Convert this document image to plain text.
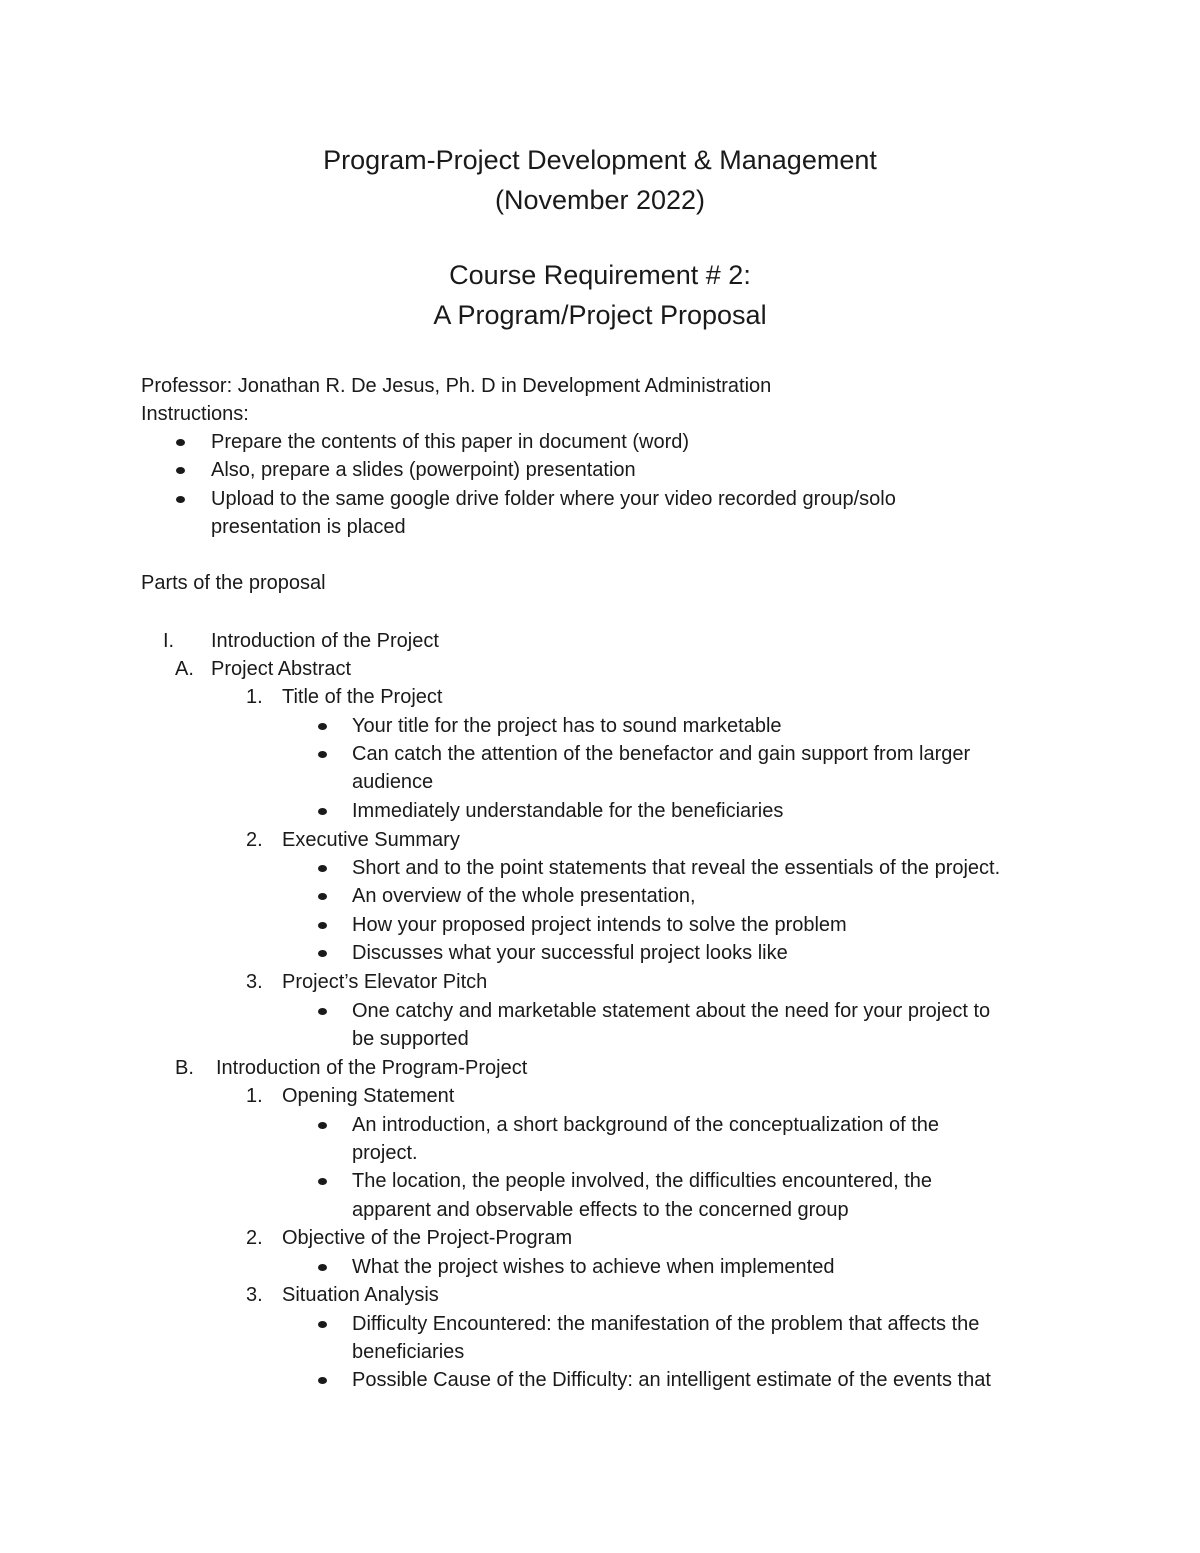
Program-Project Development & Management
(November 2022)
Course Requirement # 2:
A Program/Project Proposal
Professor: Jonathan R. De Jesus, Ph. D in Development Administration
Instructions:
Prepare the contents of this paper in document (word)
Also, prepare a slides (powerpoint) presentation
Upload to the same google drive folder where your video recorded group/solo
presentation is placed
Parts of the proposal
I. Introduction of the Project
A. Project Abstract
1. Title of the Project
Your title for the project has to sound marketable
Can catch the attention of the benefactor and gain support from larger
audience
Immediately understandable for the beneficiaries
2. Executive Summary
Short and to the point statements that reveal the essentials of the project.
An overview of the whole presentation,
How your proposed project intends to solve the problem
Discusses what your successful project looks like
3. Project’s Elevator Pitch
One catchy and marketable statement about the need for your project to
be supported
B. Introduction of the Program-Project
1. Opening Statement
An introduction, a short background of the conceptualization of the
project.
The location, the people involved, the difficulties encountered, the
apparent and observable effects to the concerned group
2. Objective of the Project-Program
What the project wishes to achieve when implemented
3. Situation Analysis
Difficulty Encountered: the manifestation of the problem that affects the
beneficiaries
Possible Cause of the Difficulty: an intelligent estimate of the events that
